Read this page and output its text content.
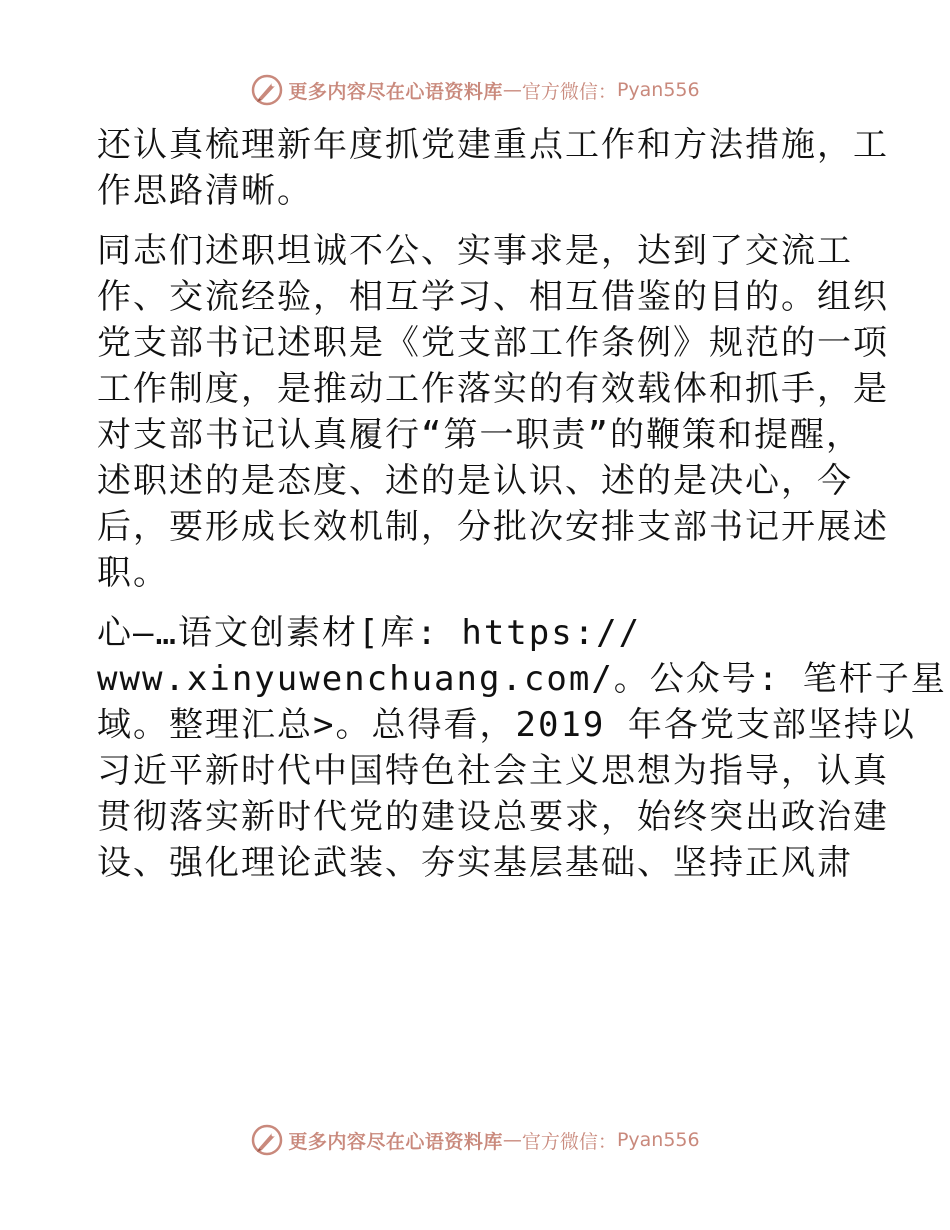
更多内容尽在心语资料库 — 官方微信： Pyan556
还认真梳理新年度抓党建重点工作和方法措施，工
作思路清晰。
同志们述职坦诚不公、实事求是，达到了交流工
作、交流经验，相互学习、相互借鉴的目的。组织
党支部书记述职是《党支部工作条例》规范的一项
工作制度，是推动工作落实的有效载体和抓手，是
对支部书记认真履行“第一职责”的鞭策和提醒，
述职述的是态度、述的是认识、述的是决心，今
后，要形成长效机制，分批次安排支部书记开展述
职。
心—…语文创素材[库: https://
www.xinyuwenchuang.com/。公众号: 笔杆子星
域。整理汇总>。总得看，2019 年各党支部坚持以
习近平新时代中国特色社会主义思想为指导，认真
贯彻落实新时代党的建设总要求，始终突出政治建
设、强化理论武装、夯实基层基础、坚持正风肃
更多内容尽在心语资料库 — 官方微信： Pyan556
